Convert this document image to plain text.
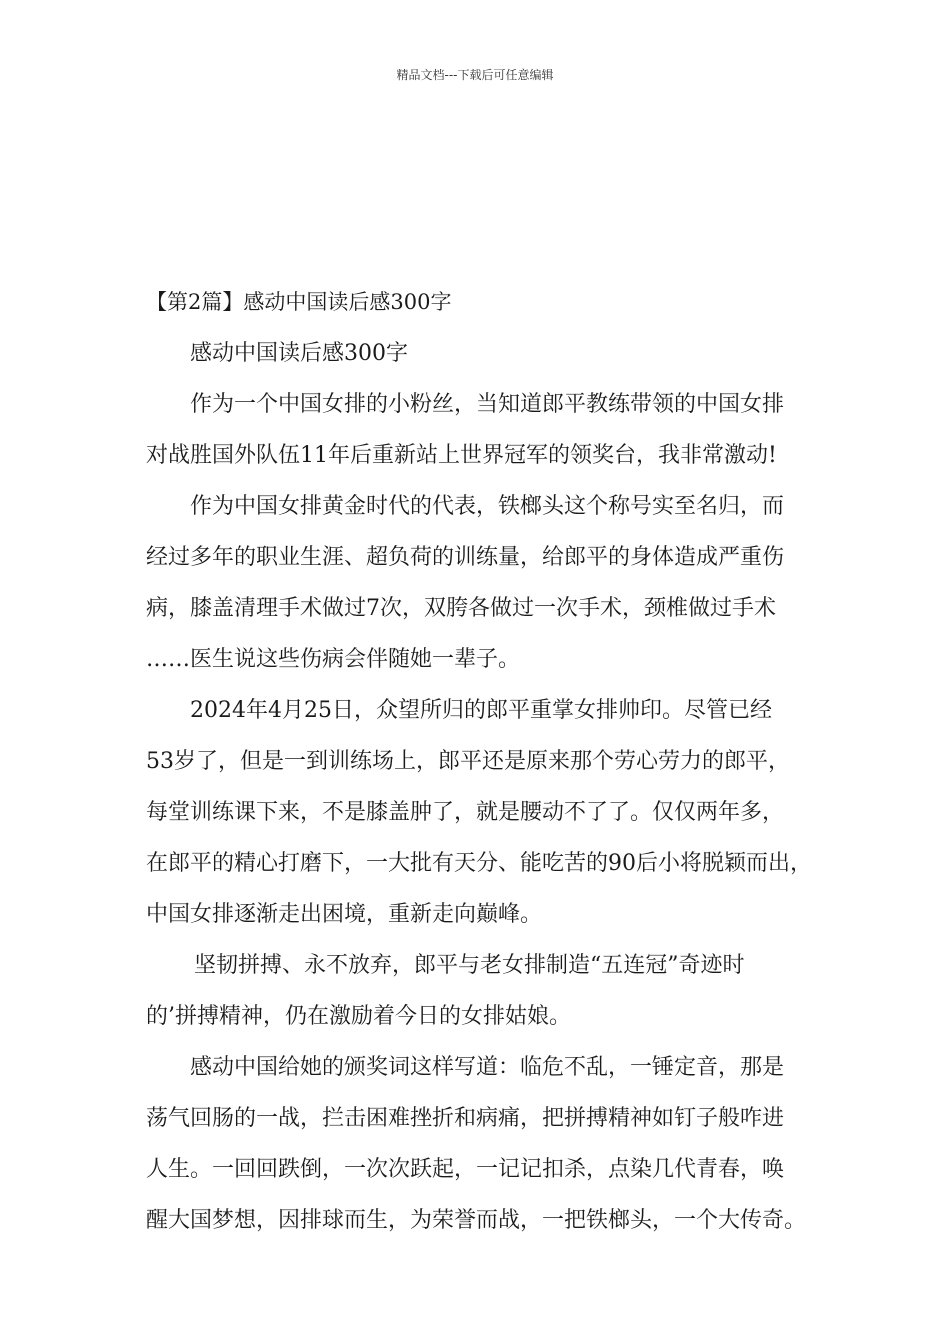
精品文档---下载后可任意编辑
【第2篇】感动中国读后感300字
感动中国读后感300字
作为一个中国女排的小粉丝，当知道郎平教练带领的中国女排
对战胜国外队伍11年后重新站上世界冠军的领奖台，我非常激动!
作为中国女排黄金时代的代表，铁榔头这个称号实至名归，而
经过多年的职业生涯、超负荷的训练量，给郎平的身体造成严重伤
病，膝盖清理手术做过7次，双胯各做过一次手术，颈椎做过手术
……医生说这些伤病会伴随她一辈子。
2024年4月25日，众望所归的郎平重掌女排帅印。尽管已经
53岁了，但是一到训练场上，郎平还是原来那个劳心劳力的郎平，
每堂训练课下来，不是膝盖肿了，就是腰动不了了。仅仅两年多，
在郎平的精心打磨下，一大批有天分、能吃苦的90后小将脱颖而出，
中国女排逐渐走出困境，重新走向巅峰。
坚韧拼搏、永不放弃，郎平与老女排制造“五连冠”奇迹时
的’拼搏精神，仍在激励着今日的女排姑娘。
感动中国给她的颁奖词这样写道：临危不乱，一锤定音，那是
荡气回肠的一战，拦击困难挫折和病痛，把拼搏精神如钉子般咋进
人生。一回回跌倒，一次次跃起，一记记扣杀，点染几代青春，唤
醒大国梦想，因排球而生，为荣誉而战，一把铁榔头，一个大传奇。
